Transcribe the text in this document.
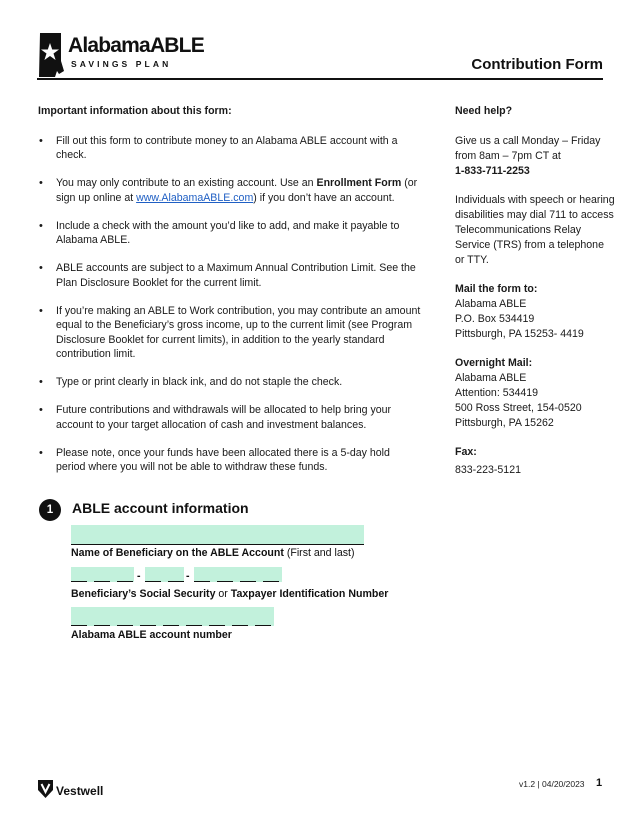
AlabamaABLE
SAVINGS PLAN	Contribution Form
Important information about this form:
• Fill out this form to contribute money to an Alabama ABLE account with a check.
• You may only contribute to an existing account. Use an Enrollment Form (or sign up online at www.AlabamaABLE.com) if you don’t have an account.
• Include a check with the amount you’d like to add, and make it payable to Alabama ABLE.
• ABLE accounts are subject to a Maximum Annual Contribution Limit. See the Plan Disclosure Booklet for the current limit.
• If you’re making an ABLE to Work contribution, you may contribute an amount equal to the Beneficiary’s gross income, up to the current limit (see Program Disclosure Booklet for current limits), in addition to the yearly standard contribution limit.
• Type or print clearly in black ink, and do not staple the check.
• Future contributions and withdrawals will be allocated to help bring your account to your target allocation of cash and investment balances.
• Please note, once your funds have been allocated there is a 5-day hold period where you will not be able to withdraw these funds.

Need help?

Give us a call Monday – Friday from 8am – 7pm CT at

1-833-711-2253

Individuals with speech or hearing disabilities may dial 711 to access Telecommunications Relay Service (TRS) from a telephone or TTY.

Mail the form to:

Alabama ABLE

P.O. Box 534419

Pittsburgh, PA 15253- 4419

Overnight Mail:

Alabama ABLE

Attention: 534419

500 Ross Street, 154-0520

Pittsburgh, PA 15262

Fax:

833-223-5121

1	ABLE account information
Name of Beneficiary on the ABLE Account (First and last)
-	-
Beneficiary’s Social Security or Taxpayer Identification Number
Alabama ABLE account number
Vestwell	v1.2 | 04/20/2023 1
